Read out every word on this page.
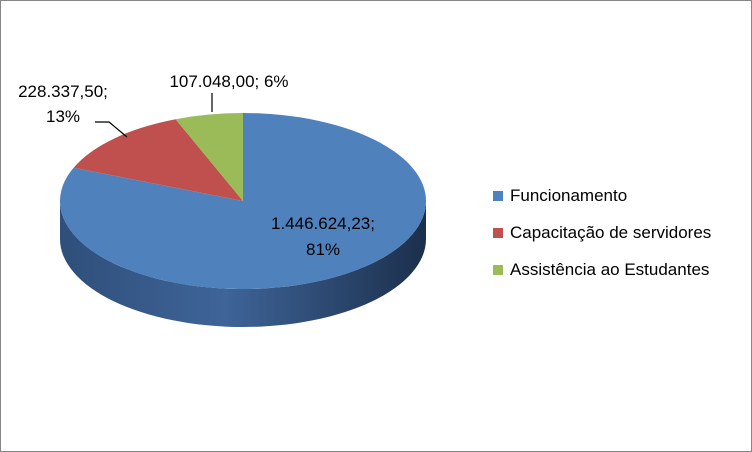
1.446.624,23; 81%
228.337,50; 13%
107.048,00; 6%
Funcionamento
Capacitação de servidores
Assistência ao Estudantes
